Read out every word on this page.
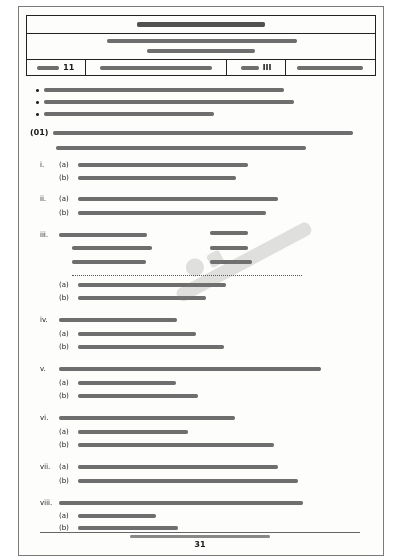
11	III
(01)
i.	(a)
(b)
ii.	(a)
(b)
iii.
(a)
(b)
iv.
(a)
(b)
v.
(a)
(b)
vi.
(a)
(b)
vii.	(a)
(b)
viii.
(a)
(b)
31
